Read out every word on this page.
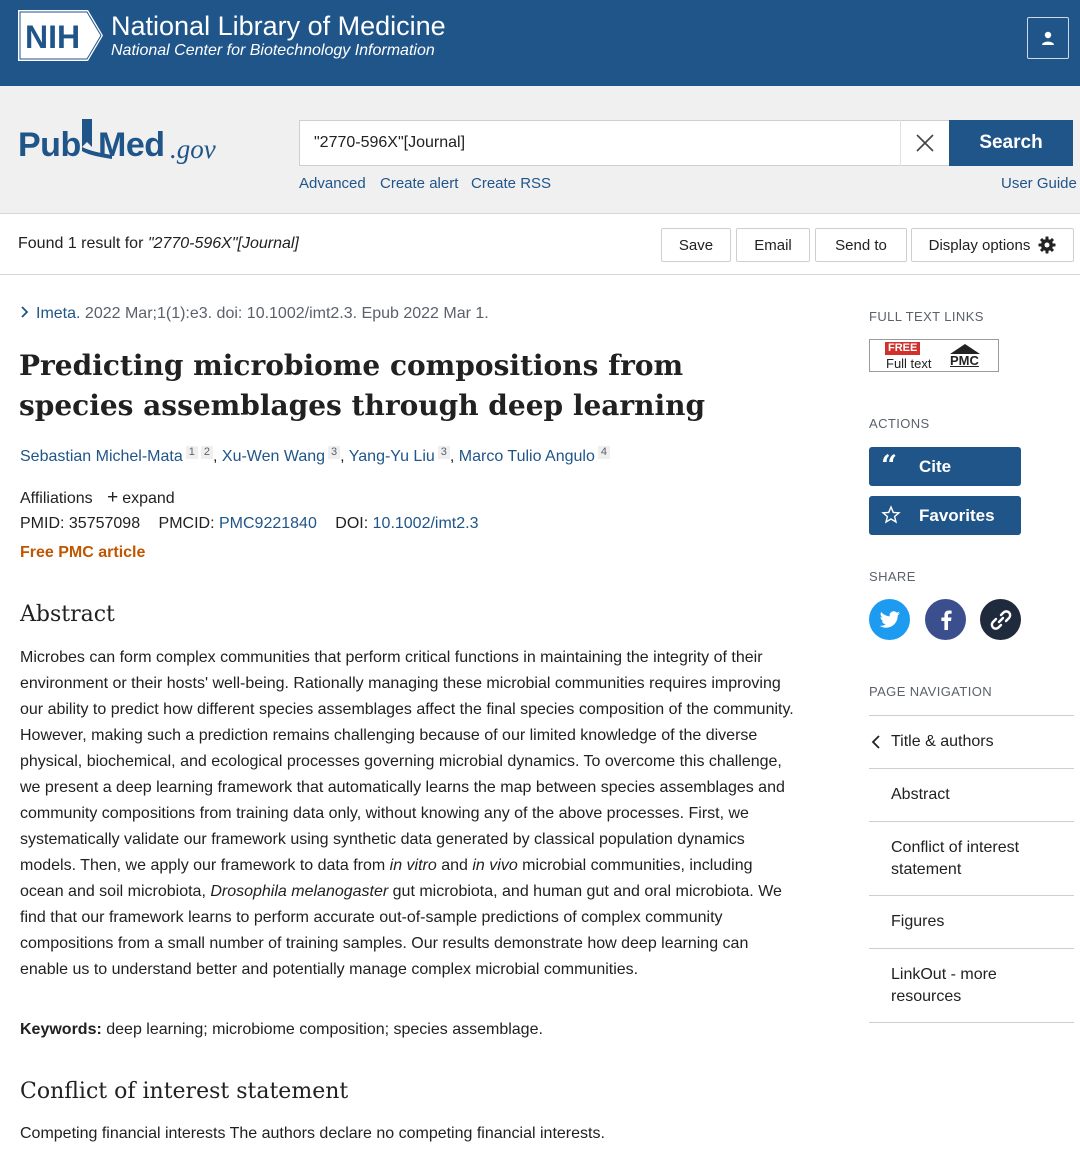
NIH National Library of Medicine
National Center for Biotechnology Information
Pub Med .gov
"2770-596X"[Journal]	Search
Advanced Create alert Create RSS	User Guide
Found 1 result for "2770-596X"[Journal]	Save	Email	Send to	Display options
Imeta. 2022 Mar;1(1):e3. doi: 10.1002/imt2.3. Epub 2022 Mar 1.
Predicting microbiome compositions from species assemblages through deep learning
Sebastian Michel-Mata $^1$ $^2$ , Xu-Wen Wang $^3$ , Yang-Yu Liu $^3$ , Marco Tulio Angulo $^4$
Affiliations + expand
PMID: 35757098 PMCID: PMC9221840 DOI: 10.1002/imt2.3
Free PMC article
Abstract

Microbes can form complex communities that perform critical functions in maintaining the integrity of their environment or their hosts' well-being. Rationally managing these microbial communities requires improving our ability to predict how different species assemblages affect the final species composition of the community. However, making such a prediction remains challenging because of our limited knowledge of the diverse physical, biochemical, and ecological processes governing microbial dynamics. To overcome this challenge, we present a deep learning framework that automatically learns the map between species assemblages and community compositions from training data only, without knowing any of the above processes. First, we systematically validate our framework using synthetic data generated by classical population dynamics models. Then, we apply our framework to data from in vitro and in vivo microbial communities, including ocean and soil microbiota, Drosophila melanogaster gut microbiota, and human gut and oral microbiota. We find that our framework learns to perform accurate out-of-sample predictions of complex community compositions from a small number of training samples. Our results demonstrate how deep learning can enable us to understand better and potentially manage complex microbial communities.

Keywords: deep learning; microbiome composition; species assemblage.
Conflict of interest statement
Competing financial interests The authors declare no competing financial interests.
FULL TEXT LINKS
FREE
Full text PMC
ACTIONS
“ Cite
Favorites
SHARE
PAGE NAVIGATION
Title & authors
Abstract
Conflict of interest statement
Figures
LinkOut - more resources
